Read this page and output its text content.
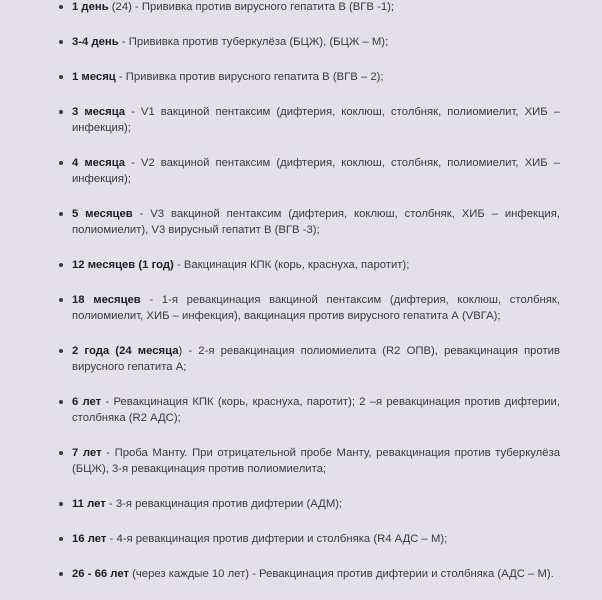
1 день (24) - Прививка против вирусного гепатита В (ВГВ -1);
3-4 день - Прививка против туберкулёза (БЦЖ), (БЦЖ – М);
1 месяц - Прививка против вирусного гепатита В (ВГВ – 2);
3 месяца - V1 вакциной пентаксим (дифтерия, коклюш, столбняк, полиомиелит, ХИБ – инфекция);
4 месяца - V2 вакциной пентаксим (дифтерия, коклюш, столбняк, полиомиелит, ХИБ – инфекция);
5 месяцев - V3 вакциной пентаксим (дифтерия, коклюш, столбняк, ХИБ – инфекция, полиомиелит), V3 вирусный гепатит В (ВГВ -3);
12 месяцев (1 год) - Вакцинация КПК (корь, краснуха, паротит);
18 месяцев - 1-я ревакцинация вакциной пентаксим (дифтерия, коклюш, столбняк, полиомиелит, ХИБ – инфекция), вакцинация против вирусного гепатита А (VBГА);
2 года (24 месяца) - 2-я ревакцинация полиомиелита (R2 ОПВ), ревакцинация против вирусного гепатита А;
6 лет - Ревакцинация КПК (корь, краснуха, паротит); 2 –я ревакцинация против дифтерии, столбняка (R2 АДС);
7 лет - Проба Манту. При отрицательной пробе Манту, ревакцинация против туберкулёза (БЦЖ), 3-я ревакцинация против полиомиелита;
11 лет - 3-я ревакцинация против дифтерии (АДМ);
16 лет - 4-я ревакцинация против дифтерии и столбняка (R4 АДС – М);
26 - 66 лет (через каждые 10 лет) - Ревакцинация против дифтерии и столбняка (АДС – М).
